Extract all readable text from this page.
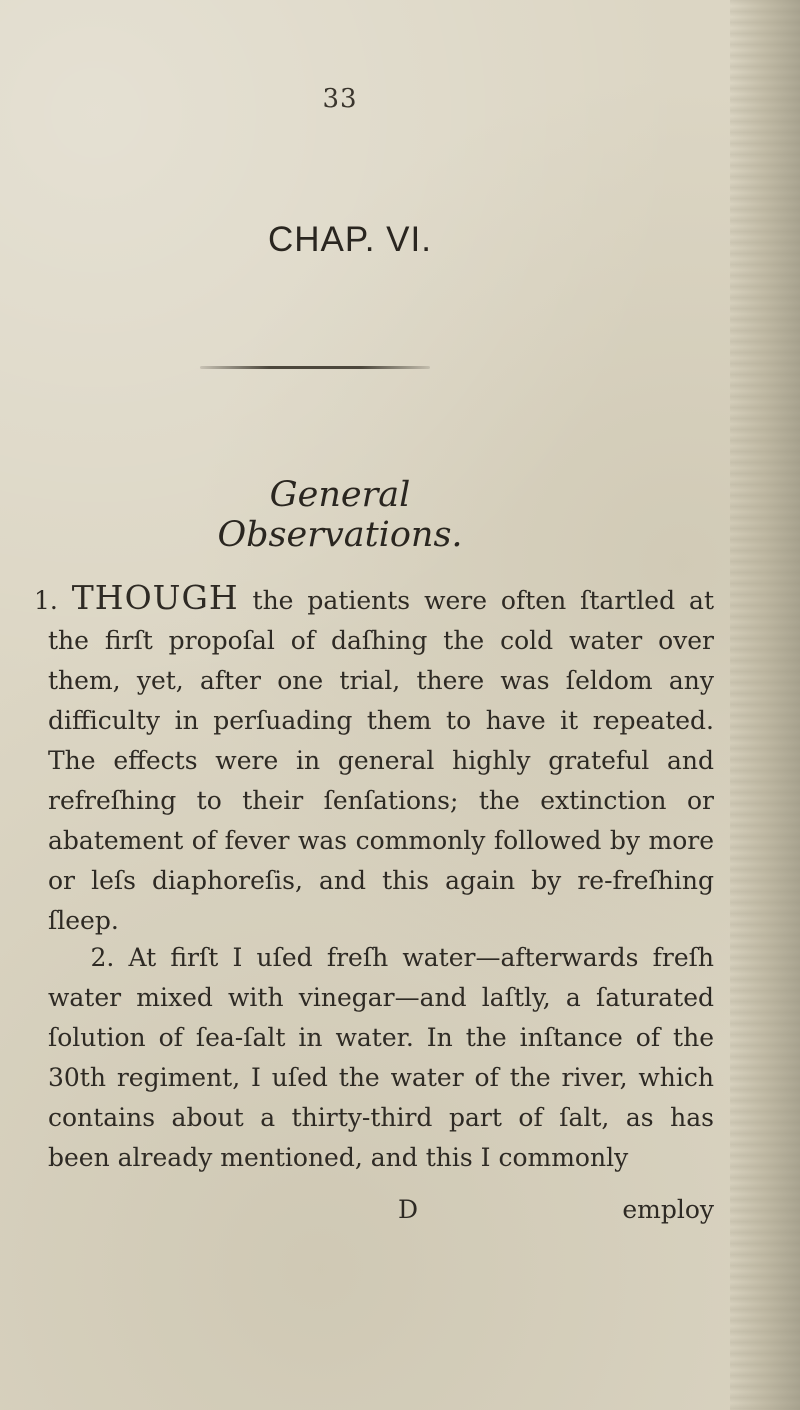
33
CHAP. VI.
General Observations.

1. THOUGH the patients were often ſtartled at the firſt propoſal of daſhing the cold water over them, yet, after one trial, there was ſeldom any difficulty in perſuading them to have it repeated. The effects were in general highly grateful and refreſhing to their ſenſations; the extinction or abatement of fever was commonly followed by more or leſs diaphoreſis, and this again by re-freſhing ſleep.

2. At firſt I uſed freſh water—afterwards freſh water mixed with vinegar—and laſtly, a ſaturated ſolution of ſea-ſalt in water. In the inſtance of the 30th regiment, I uſed the water of the river, which contains about a thirty-third part of ſalt, as has been already mentioned, and this I commonly

D	employ
